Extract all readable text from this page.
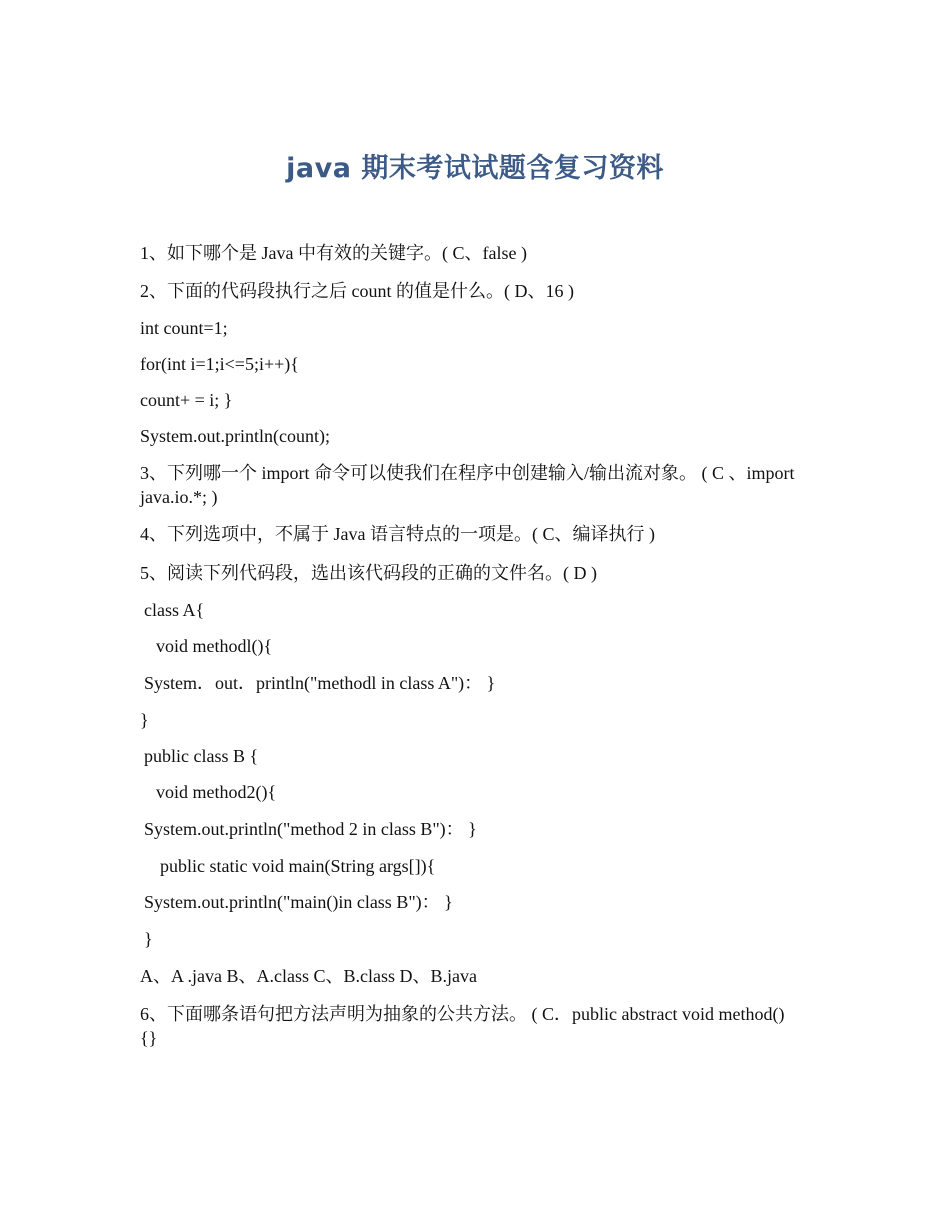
java 期末考试试题含复习资料
1、如下哪个是 Java 中有效的关键字。( C、false )
2、下面的代码段执行之后 count 的值是什么。( D、16 )
int count=1;
for(int i=1;i<=5;i++){
count+ = i; }
System.out.println(count);
3、下列哪一个 import 命令可以使我们在程序中创建输入/输出流对象。 ( C 、import java.io.*; )
4、下列选项中，不属于 Java 语言特点的一项是。( C、编译执行 )
5、阅读下列代码段，选出该代码段的正确的文件名。( D )
class A{
void methodl(){
System．out．println("methodl in class A")： }
}
public class B {
void method2(){
System.out.println("method 2 in class B")： }
public static void main(String args[]){
System.out.println("main()in class B")： }
}
A、A .java B、A.class C、B.class D、B.java
6、下面哪条语句把方法声明为抽象的公共方法。 ( C．public abstract void method(){}
